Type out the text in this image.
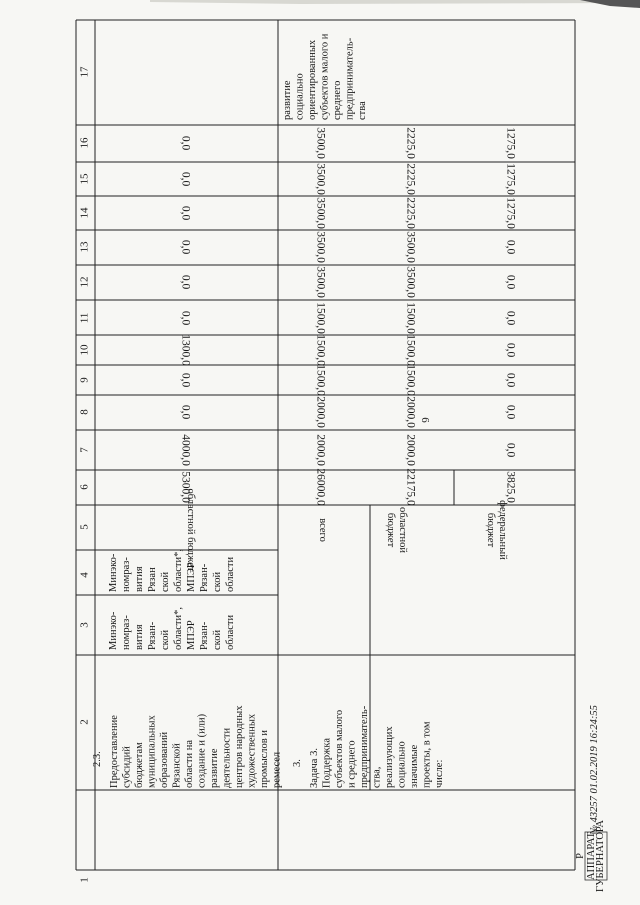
6
1
2
3
4
5
6
7
8
9
10
11
12
13
14
15
16
17
5300,0
4000,0
0,0
0,0
1300,0
0,0
0,0
0,0
0,0
0,0
0,0
26000,0
2000,0
2000,0
1500,0
1500,0
1500,0
3500,0
3500,0
3500,0
3500,0
3500,0
22175,0
2000,0
2000,0
1500,0
1500,0
1500,0
3500,0
3500,0
2225,0
2225,0
2225,0
3825,0
0,0
0,0
0,0
0,0
0,0
0,0
0,0
1275,0
1275,0
1275,0
2.3. Предоставление субсидий бюджетам муниципальных образований Рязанской области на создание и (или) развитие деятельности центров народных художественных промыслов и ремесел
Минэко- номраз- вития Рязан- ской области*, МПЭР Рязан- ской области
Минэко- номраз- вития Рязан ской области*, МПЭР Рязан- ской области
областной бюджет
3. Задача 3. Поддержка субъектов малого и среднего предприниматель- ства, реализующих социально значимые проекты, в том числе:
развитие социально ориентированных субъектов малого и среднего предприниматель- ства
всего	областнойбюджет	федеральныйбюджет
№ 43257 01.02.2019 16:24:55
Р АППАРАТ
ГУБЕРНАТОРА
